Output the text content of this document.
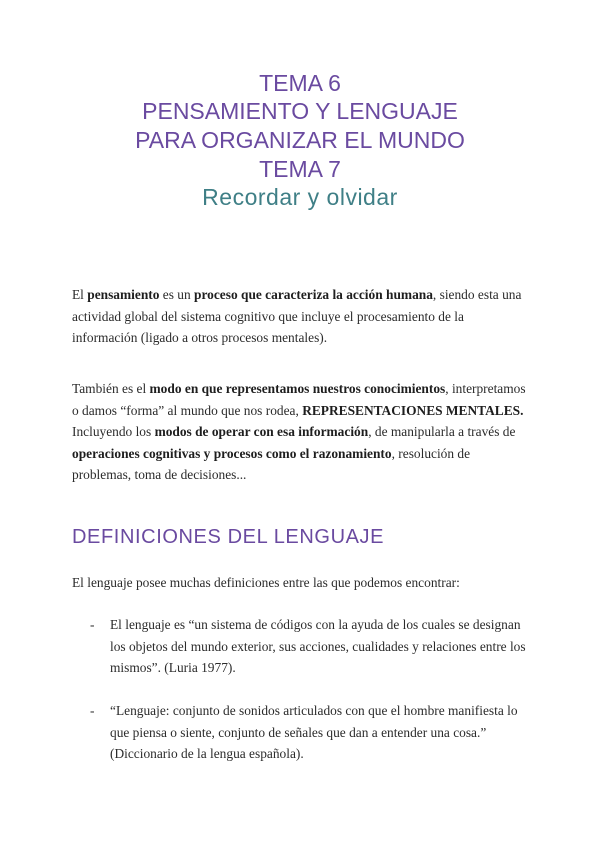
TEMA 6
PENSAMIENTO Y LENGUAJE
PARA ORGANIZAR EL MUNDO
TEMA 7
Recordar y olvidar

El pensamiento es un proceso que caracteriza la acción humana, siendo esta una actividad global del sistema cognitivo que incluye el procesamiento de la información (ligado a otros procesos mentales).

También es el modo en que representamos nuestros conocimientos, interpretamos o damos “forma” al mundo que nos rodea, REPRESENTACIONES MENTALES. Incluyendo los modos de operar con esa información, de manipularla a través de operaciones cognitivas y procesos como el razonamiento, resolución de problemas, toma de decisiones...

DEFINICIONES DEL LENGUAJE

El lenguaje posee muchas definiciones entre las que podemos encontrar:

- El lenguaje es “un sistema de códigos con la ayuda de los cuales se designan los objetos del mundo exterior, sus acciones, cualidades y relaciones entre los mismos”. (Luria 1977).

- “Lenguaje: conjunto de sonidos articulados con que el hombre manifiesta lo que piensa o siente, conjunto de señales que dan a entender una cosa.” (Diccionario de la lengua española).
